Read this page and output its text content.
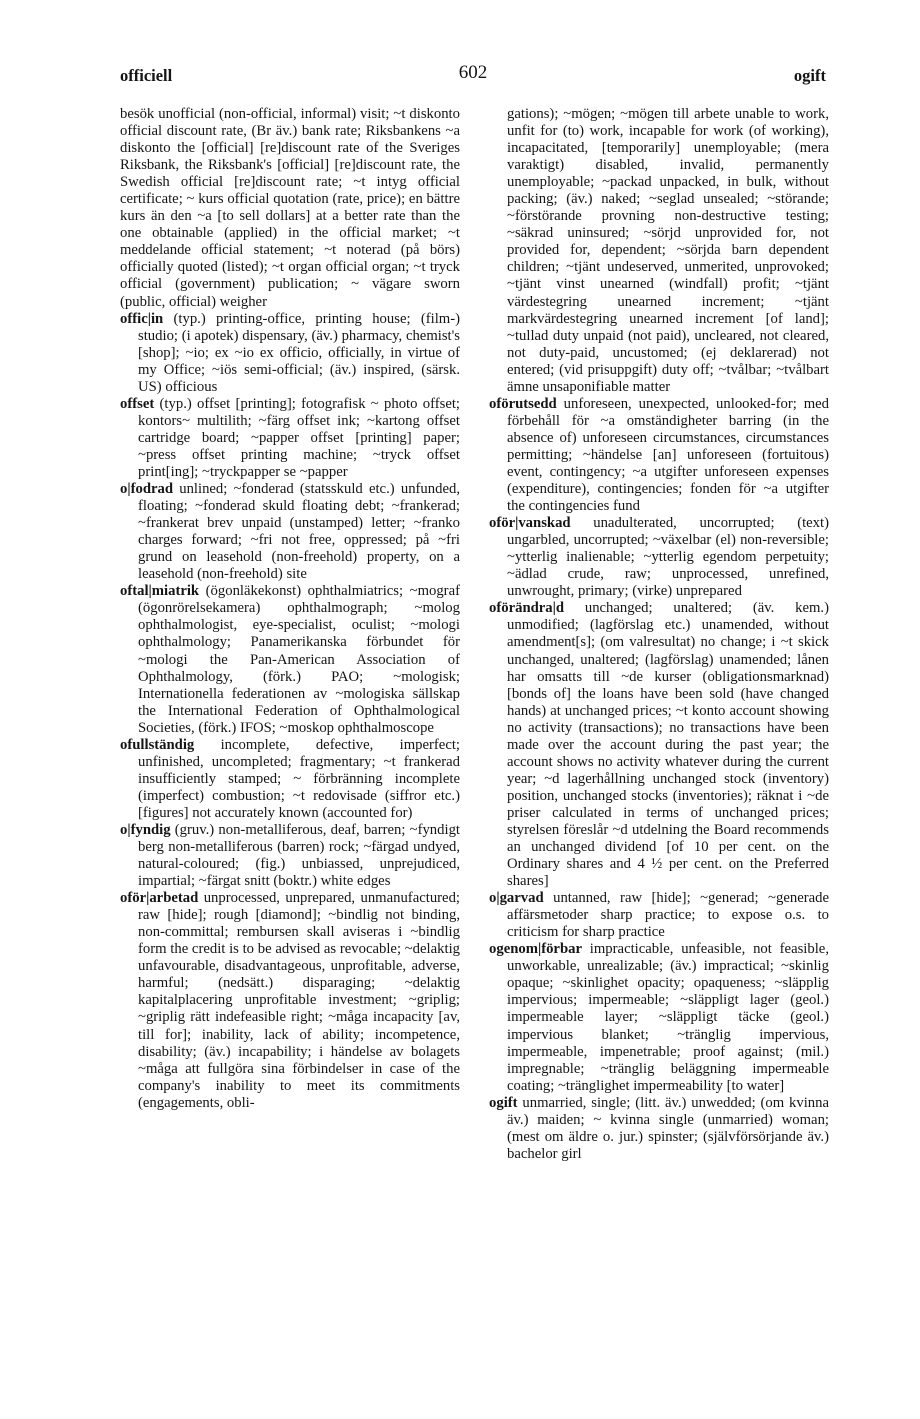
officiell	602	ogift

besök unofficial (non-official, informal) visit; ~t diskonto official discount rate, (Br äv.) bank rate; Riksbankens ~a diskonto the [official] [re]discount rate of the Sveriges Riksbank, the Riksbank's [official] [re]discount rate, the Swedish official [re]discount rate; ~t intyg official certificate; ~ kurs official quotation (rate, price); en bättre kurs än den ~a [to sell dollars] at a better rate than the one obtainable (applied) in the official market; ~t meddelande official statement; ~t noterad (på börs) officially quoted (listed); ~t organ official organ; ~t tryck official (government) publication; ~ vägare sworn (public, official) weigher

offic|in (typ.) printing-office, printing house; (film-) studio; (i apotek) dispensary, (äv.) pharmacy, chemist's [shop]; ~io; ex ~io ex officio, officially, in virtue of my Office; ~iös semi-official; (äv.) inspired, (särsk. US) officious

offset (typ.) offset [printing]; fotografisk ~ photo offset; kontors~ multilith; ~färg offset ink; ~kartong offset cartridge board; ~papper offset [printing] paper; ~press offset printing machine; ~tryck offset print[ing]; ~tryckpapper se ~papper

o|fodrad unlined; ~fonderad (statsskuld etc.) unfunded, floating; ~fonderad skuld floating debt; ~frankerad; ~frankerat brev unpaid (unstamped) letter; ~franko charges forward; ~fri not free, oppressed; på ~fri grund on leasehold (non-freehold) property, on a leasehold (non-freehold) site

oftal|miatrik (ögonläkekonst) ophthalmiatrics; ~mograf (ögonrörelsekamera) ophthalmograph; ~molog ophthalmologist, eye-specialist, oculist; ~mologi ophthalmology; Panamerikanska förbundet för ~mologi the Pan-American Association of Ophthalmology, (förk.) PAO; ~mologisk; Internationella federationen av ~mologiska sällskap the International Federation of Ophthalmological Societies, (förk.) IFOS; ~moskop ophthalmoscope

ofullständig incomplete, defective, imperfect; unfinished, uncompleted; fragmentary; ~t frankerad insufficiently stamped; ~ förbränning incomplete (imperfect) combustion; ~t redovisade (siffror etc.) [figures] not accurately known (accounted for)

o|fyndig (gruv.) non-metalliferous, deaf, barren; ~fyndigt berg non-metalliferous (barren) rock; ~färgad undyed, natural-coloured; (fig.) unbiassed, unprejudiced, impartial; ~färgat snitt (boktr.) white edges

oför|arbetad unprocessed, unprepared, unmanufactured; raw [hide]; rough [diamond]; ~bindlig not binding, non-committal; rembursen skall aviseras i ~bindlig form the credit is to be advised as revocable; ~delaktig unfavourable, disadvantageous, unprofitable, adverse, harmful; (nedsätt.) disparaging; ~delaktig kapitalplacering unprofitable investment; ~griplig; ~griplig rätt indefeasible right; ~måga incapacity [av, till for]; inability, lack of ability; incompetence, disability; (äv.) incapability; i händelse av bolagets ~måga att fullgöra sina förbindelser in case of the company's inability to meet its commitments (engagements, obli-

gations); ~mögen; ~mögen till arbete unable to work, unfit for (to) work, incapable for work (of working), incapacitated, [temporarily] unemployable; (mera varaktigt) disabled, invalid, permanently unemployable; ~packad unpacked, in bulk, without packing; (äv.) naked; ~seglad unsealed; ~störande; ~förstörande provning non-destructive testing; ~säkrad uninsured; ~sörjd unprovided for, not provided for, dependent; ~sörjda barn dependent children; ~tjänt undeserved, unmerited, unprovoked; ~tjänt vinst unearned (windfall) profit; ~tjänt värdestegring unearned increment; ~tjänt markvärdestegring unearned increment [of land]; ~tullad duty unpaid (not paid), uncleared, not cleared, not duty-paid, uncustomed; (ej deklarerad) not entered; (vid prisuppgift) duty off; ~tvålbar; ~tvålbart ämne unsaponifiable matter

oförutsedd unforeseen, unexpected, unlooked-for; med förbehåll för ~a omständigheter barring (in the absence of) unforeseen circumstances, circumstances permitting; ~händelse [an] unforeseen (fortuitous) event, contingency; ~a utgifter unforeseen expenses (expenditure), contingencies; fonden för ~a utgifter the contingencies fund

oför|vanskad unadulterated, uncorrupted; (text) ungarbled, uncorrupted; ~växelbar (el) non-reversible; ~ytterlig inalienable; ~ytterlig egendom perpetuity; ~ädlad crude, raw; unprocessed, unrefined, unwrought, primary; (virke) unprepared

oförändra|d unchanged; unaltered; (äv. kem.) unmodified; (lagförslag etc.) unamended, without amendment[s]; (om valresultat) no change; i ~t skick unchanged, unaltered; (lagförslag) unamended; lånen har omsatts till ~de kurser (obligationsmarknad) [bonds of] the loans have been sold (have changed hands) at unchanged prices; ~t konto account showing no activity (transactions); no transactions have been made over the account during the past year; the account shows no activity whatever during the current year; ~d lagerhållning unchanged stock (inventory) position, unchanged stocks (inventories); räknat i ~de priser calculated in terms of unchanged prices; styrelsen föreslår ~d utdelning the Board recommends an unchanged dividend [of 10 per cent. on the Ordinary shares and 4 ½ per cent. on the Preferred shares]

o|garvad untanned, raw [hide]; ~generad; ~generade affärsmetoder sharp practice; to expose o.s. to criticism for sharp practice

ogenom|förbar impracticable, unfeasible, not feasible, unworkable, unrealizable; (äv.) impractical; ~skinlig opaque; ~skinlighet opacity; opaqueness; ~släpplig impervious; impermeable; ~släppligt lager (geol.) impermeable layer; ~släppligt täcke (geol.) impervious blanket; ~tränglig impervious, impermeable, impenetrable; proof against; (mil.) impregnable; ~tränglig beläggning impermeable coating; ~tränglighet impermeability [to water]

ogift unmarried, single; (litt. äv.) unwedded; (om kvinna äv.) maiden; ~ kvinna single (unmarried) woman; (mest om äldre o. jur.) spinster; (självförsörjande äv.) bachelor girl
